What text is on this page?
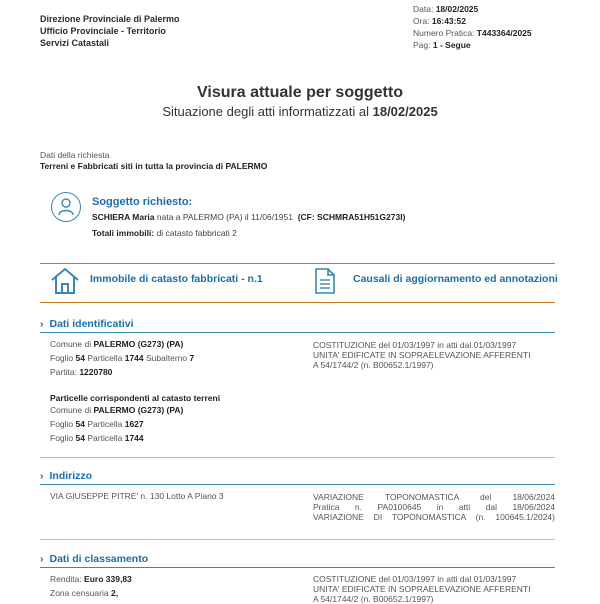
Direzione Provinciale di Palermo
Ufficio Provinciale - Territorio
Servizi Catastali
Data: 18/02/2025
Ora: 16:43:52
Numero Pratica: T443364/2025
Pag: 1 - Segue
Visura attuale per soggetto
Situazione degli atti informatizzati al 18/02/2025
Dati della richiesta
Terreni e Fabbricati siti in tutta la provincia di PALERMO
Soggetto richiesto:
SCHIERA Maria nata a PALERMO (PA) il 11/06/1951 (CF: SCHMRA51H51G273I)
Totali immobili: di catasto fabbricati 2
Immobile di catasto fabbricati - n.1	Causali di aggiornamento ed annotazioni
› Dati identificativi
Comune di PALERMO (G273) (PA)
Foglio 54 Particella 1744 Subalterno 7
Partita: 1220780
COSTITUZIONE del 01/03/1997 in atti dal 01/03/1997
UNITA' EDIFICATE IN SOPRAELEVAZIONE AFFERENTI
A 54/1744/2 (n. B00652.1/1997)
Particelle corrispondenti al catasto terreni
Comune di PALERMO (G273) (PA)
Foglio 54 Particella 1627
Foglio 54 Particella 1744
› Indirizzo
VIA GIUSEPPE PITRE' n. 130 Lotto A Piano 3	VARIAZIONE TOPONOMASTICA del 18/06/2024
Pratica n. PA0100645 in atti dal 18/06/2024
VARIAZIONE DI TOPONOMASTICA (n. 100645.1/2024)
› Dati di classamento
Rendita: Euro 339,83
Zona censuaria 2,
COSTITUZIONE del 01/03/1997 in atti dal 01/03/1997
UNITA' EDIFICATE IN SOPRAELEVAZIONE AFFERENTI
A 54/1744/2 (n. B00652.1/1997)
